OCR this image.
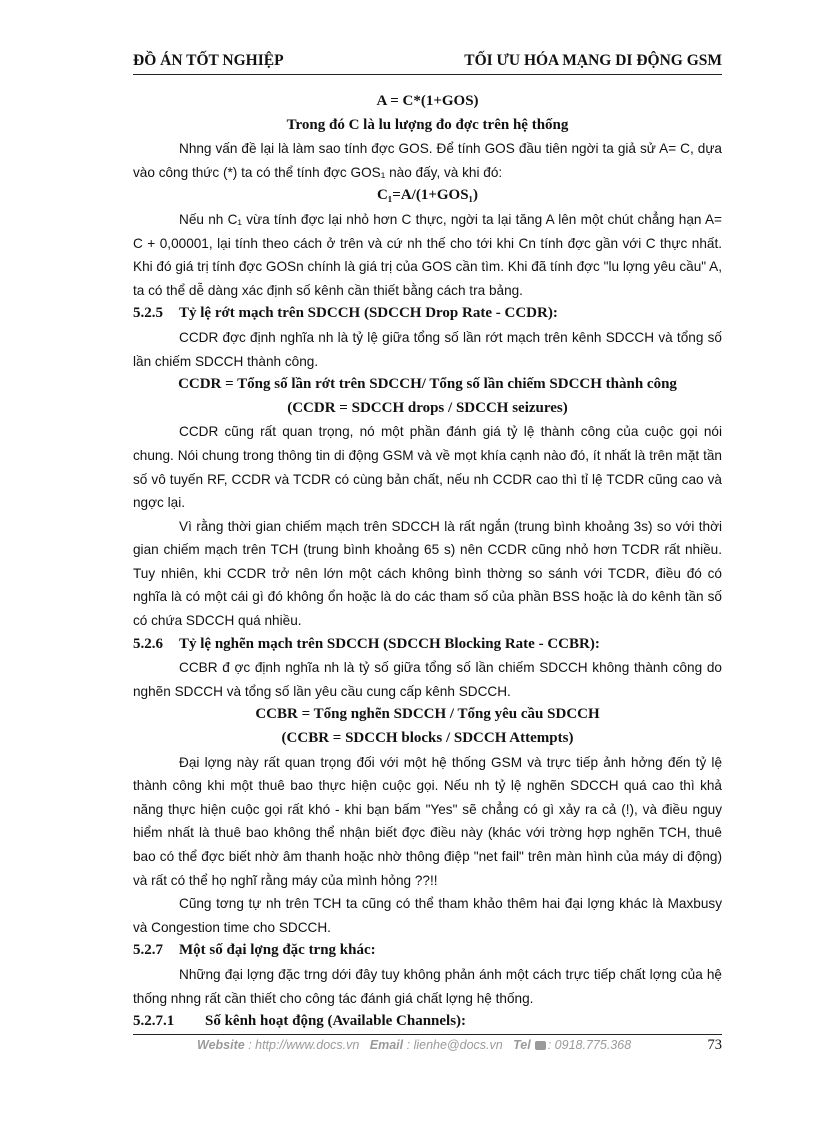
ĐỒ ÁN TỐT NGHIỆP	TỐI ƯU HÓA MẠNG DI ĐỘNG GSM

A = C*(1+GOS)

Trong đó C là lu lượng đo đợc trên hệ thống

Nhng vấn đề lại là làm sao tính đợc GOS. Để tính GOS đầu tiên ngời ta giả sử A= C, dựa vào công thức (*) ta có thể tính đợc GOS₁ nào đấy, và khi đó:

C₁=A/(1+GOS₁)

Nếu nh C₁ vừa tính đợc lại nhỏ hơn C thực, ngời ta lại tăng A lên một chút chẳng hạn A= C + 0,00001, lại tính theo cách ở trên và cứ nh thế cho tới khi Cn tính đợc gần với C thực nhất. Khi đó giá trị tính đợc GOSn chính là giá trị của GOS cần tìm. Khi đã tính đợc "lu lợng yêu cầu" A, ta có thể dễ dàng xác định số kênh cần thiết bằng cách tra bảng.

5.2.5	Tỷ lệ rớt mạch trên SDCCH (SDCCH Drop Rate - CCDR):

CCDR đợc định nghĩa nh là tỷ lệ giữa tổng số lần rớt mạch trên kênh SDCCH và tổng số lần chiếm SDCCH thành công.

CCDR = Tổng số lần rớt trên SDCCH/ Tổng số lần chiếm SDCCH thành công

(CCDR = SDCCH drops / SDCCH seizures)

CCDR cũng rất quan trọng, nó một phần đánh giá tỷ lệ thành công của cuộc gọi nói chung. Nói chung trong thông tin di động GSM và về mọt khía cạnh nào đó, ít nhất là trên mặt tần số vô tuyến RF, CCDR và TCDR có cùng bản chất, nếu nh CCDR cao thì tỉ lệ TCDR cũng cao và ngợc lại.

Vì rằng thời gian chiếm mạch trên SDCCH là rất ngắn (trung bình khoảng 3s) so với thời gian chiếm mạch trên TCH (trung bình khoảng 65 s) nên CCDR cũng nhỏ hơn TCDR rất nhiều. Tuy nhiên, khi CCDR trở nên lớn một cách không bình thờng so sánh với TCDR, điều đó có nghĩa là có một cái gì đó không ổn hoặc là do các tham số của phần BSS hoặc là do kênh tần số có chứa SDCCH quá nhiều.

5.2.6	Tỷ lệ nghẽn mạch trên SDCCH (SDCCH Blocking Rate - CCBR):

CCBR đ ợc định nghĩa nh là tỷ số giữa tổng số lần chiếm SDCCH không thành công do nghẽn SDCCH và tổng số lần yêu cầu cung cấp kênh SDCCH.

CCBR = Tổng nghẽn SDCCH / Tổng yêu cầu SDCCH

(CCBR = SDCCH blocks / SDCCH Attempts)

Đại lợng này rất quan trọng đối với một hệ thống GSM và trực tiếp ảnh hởng đến tỷ lệ thành công khi một thuê bao thực hiện cuộc gọi. Nếu nh tỷ lệ nghẽn SDCCH quá cao thì khả năng thực hiện cuộc gọi rất khó - khi bạn bấm "Yes" sẽ chẳng có gì xảy ra cả (!), và điều nguy hiểm nhất là thuê bao không thể nhận biết đợc điều này (khác với trờng hợp nghẽn TCH, thuê bao có thể đợc biết nhờ âm thanh hoặc nhờ thông điệp "net fail" trên màn hình của máy di động) và rất có thể họ nghĩ rằng máy của mình hỏng ??!!

Cũng tơng tự nh trên TCH ta cũng có thể tham khảo thêm hai đại lợng khác là Maxbusy và Congestion time cho SDCCH.

5.2.7	Một số đại lợng đặc trng khác:

Những đại lợng đặc trng dới đây tuy không phản ánh một cách trực tiếp chất lợng của hệ thống nhng rất cần thiết cho công tác đánh giá chất lợng hệ thống.

5.2.7.1	Số kênh hoạt động (Available Channels):
Website : http://www.docs.vn Email : lienhe@docs.vn Tel : 0918.775.368	73
